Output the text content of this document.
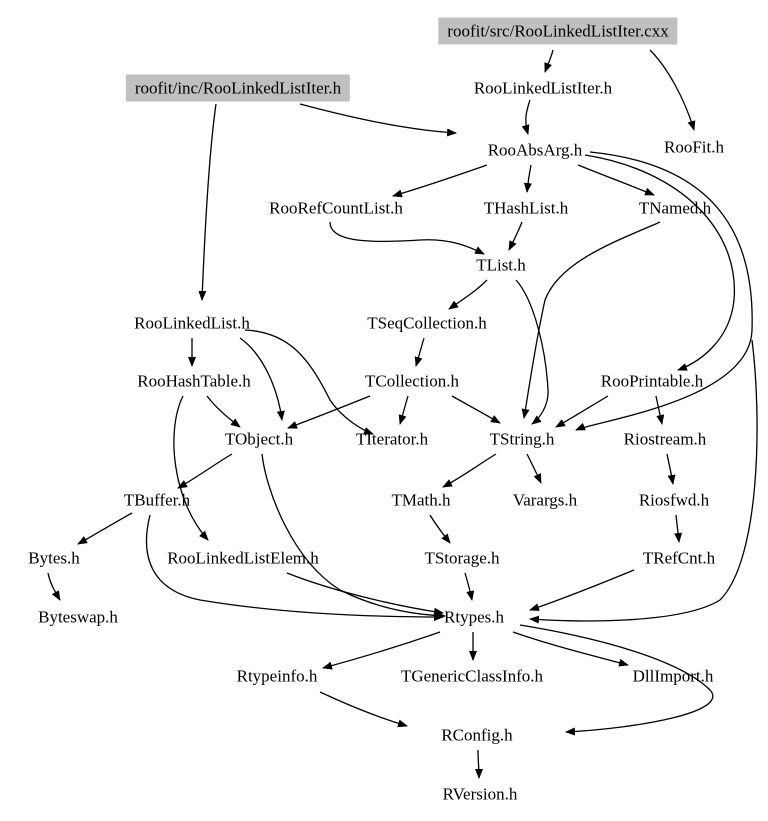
roofit/src/RooLinkedListIter.cxx
roofit/inc/RooLinkedListIter.h	RooLinkedListIter.h
RooAbsArg.h	RooFit.h
RooRefCountList.h	THashList.h	TNamed.h
TList.h
RooLinkedList.h	TSeqCollection.h
RooHashTable.h	TCollection.h	RooPrintable.h
TObject.h	TIterator.h	TString.h	Riostream.h
TBuffer.h	TMath.h	Varargs.h	Riosfwd.h
Bytes.h	RooLinkedListElem.h	TStorage.h	TRefCnt.h
Byteswap.h	Rtypes.h
Rtypeinfo.h	TGenericClassInfo.h	DllImport.h
RConfig.h
RVersion.h
